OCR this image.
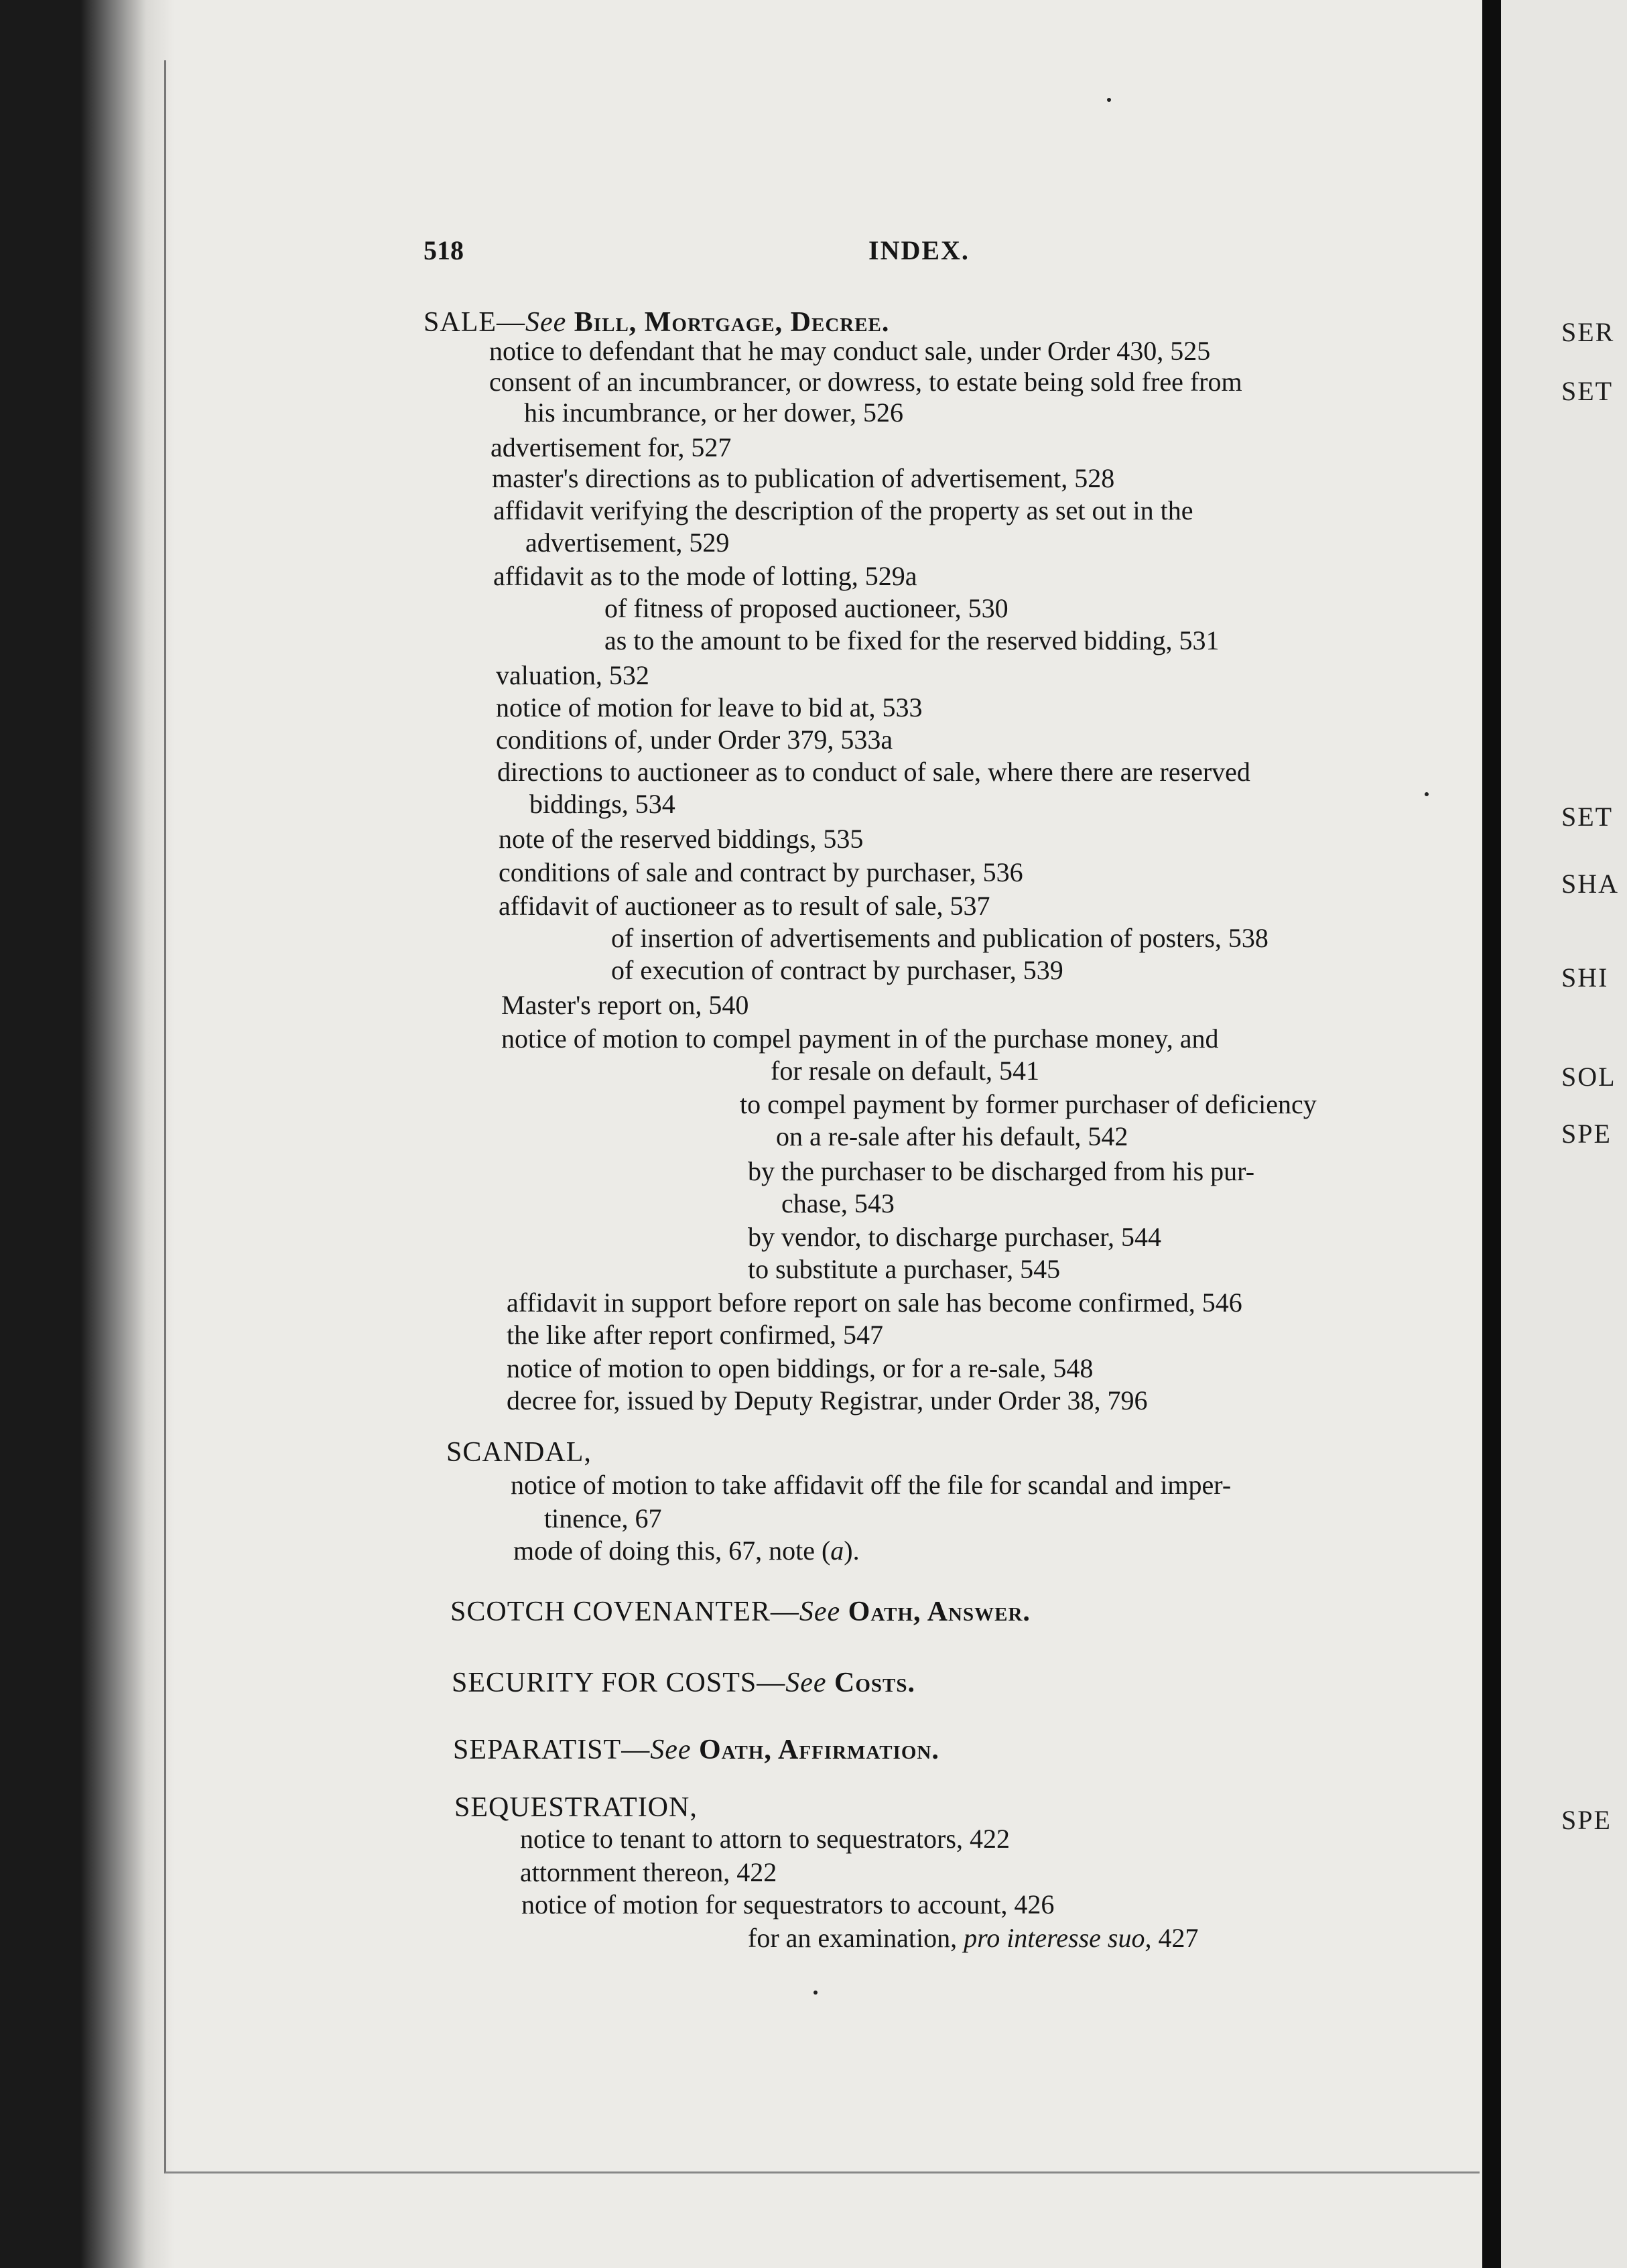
SER
SET
SET
SHA
SHI
SOL
SPE
SPE
518	INDEX.
SALE—See Bill, Mortgage, Decree.
notice to defendant that he may conduct sale, under Order 430, 525
consent of an incumbrancer, or dowress, to estate being sold free from
his incumbrance, or her dower, 526
advertisement for, 527
master's directions as to publication of advertisement, 528
affidavit verifying the description of the property as set out in the
advertisement, 529
affidavit as to the mode of lotting, 529a
of fitness of proposed auctioneer, 530
as to the amount to be fixed for the reserved bidding, 531
valuation, 532
notice of motion for leave to bid at, 533
conditions of, under Order 379, 533a
directions to auctioneer as to conduct of sale, where there are reserved
biddings, 534
note of the reserved biddings, 535
conditions of sale and contract by purchaser, 536
affidavit of auctioneer as to result of sale, 537
of insertion of advertisements and publication of posters, 538
of execution of contract by purchaser, 539
Master's report on, 540
notice of motion to compel payment in of the purchase money, and
for resale on default, 541
to compel payment by former purchaser of deficiency
on a re-sale after his default, 542
by the purchaser to be discharged from his pur-
chase, 543
by vendor, to discharge purchaser, 544
to substitute a purchaser, 545
affidavit in support before report on sale has become confirmed, 546
the like after report confirmed, 547
notice of motion to open biddings, or for a re-sale, 548
decree for, issued by Deputy Registrar, under Order 38, 796
SCANDAL,
notice of motion to take affidavit off the file for scandal and imper-
tinence, 67
mode of doing this, 67, note (a).
SCOTCH COVENANTER—See Oath, Answer.
SECURITY FOR COSTS—See Costs.
SEPARATIST—See Oath, Affirmation.
SEQUESTRATION,
notice to tenant to attorn to sequestrators, 422
attornment thereon, 422
notice of motion for sequestrators to account, 426
for an examination, pro interesse suo, 427
